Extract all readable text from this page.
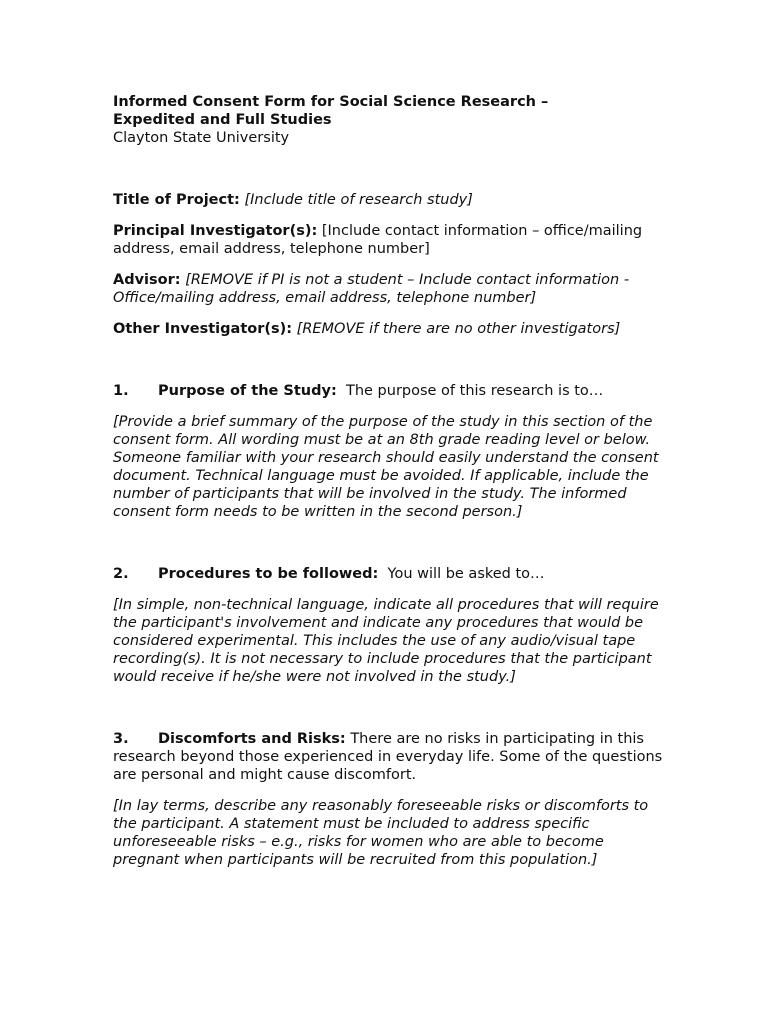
Informed Consent Form for Social Science Research –

Expedited and Full Studies

Clayton State University

Title of Project: [Include title of research study]

Principal Investigator(s): [Include contact information – office/mailing address, email address, telephone number]

Advisor: [REMOVE if PI is not a student – Include contact information - Office/mailing address, email address, telephone number]

Other Investigator(s): [REMOVE if there are no other investigators]

1. Purpose of the Study: The purpose of this research is to…

[Provide a brief summary of the purpose of the study in this section of the consent form. All wording must be at an 8th grade reading level or below. Someone familiar with your research should easily understand the consent document. Technical language must be avoided. If applicable, include the number of participants that will be involved in the study. The informed consent form needs to be written in the second person.]

2. Procedures to be followed: You will be asked to…

[In simple, non-technical language, indicate all procedures that will require the participant's involvement and indicate any procedures that would be considered experimental. This includes the use of any audio/visual tape recording(s). It is not necessary to include procedures that the participant would receive if he/she were not involved in the study.]

3. Discomforts and Risks: There are no risks in participating in this research beyond those experienced in everyday life. Some of the questions are personal and might cause discomfort.

[In lay terms, describe any reasonably foreseeable risks or discomforts to the participant. A statement must be included to address specific unforeseeable risks – e.g., risks for women who are able to become pregnant when participants will be recruited from this population.]
